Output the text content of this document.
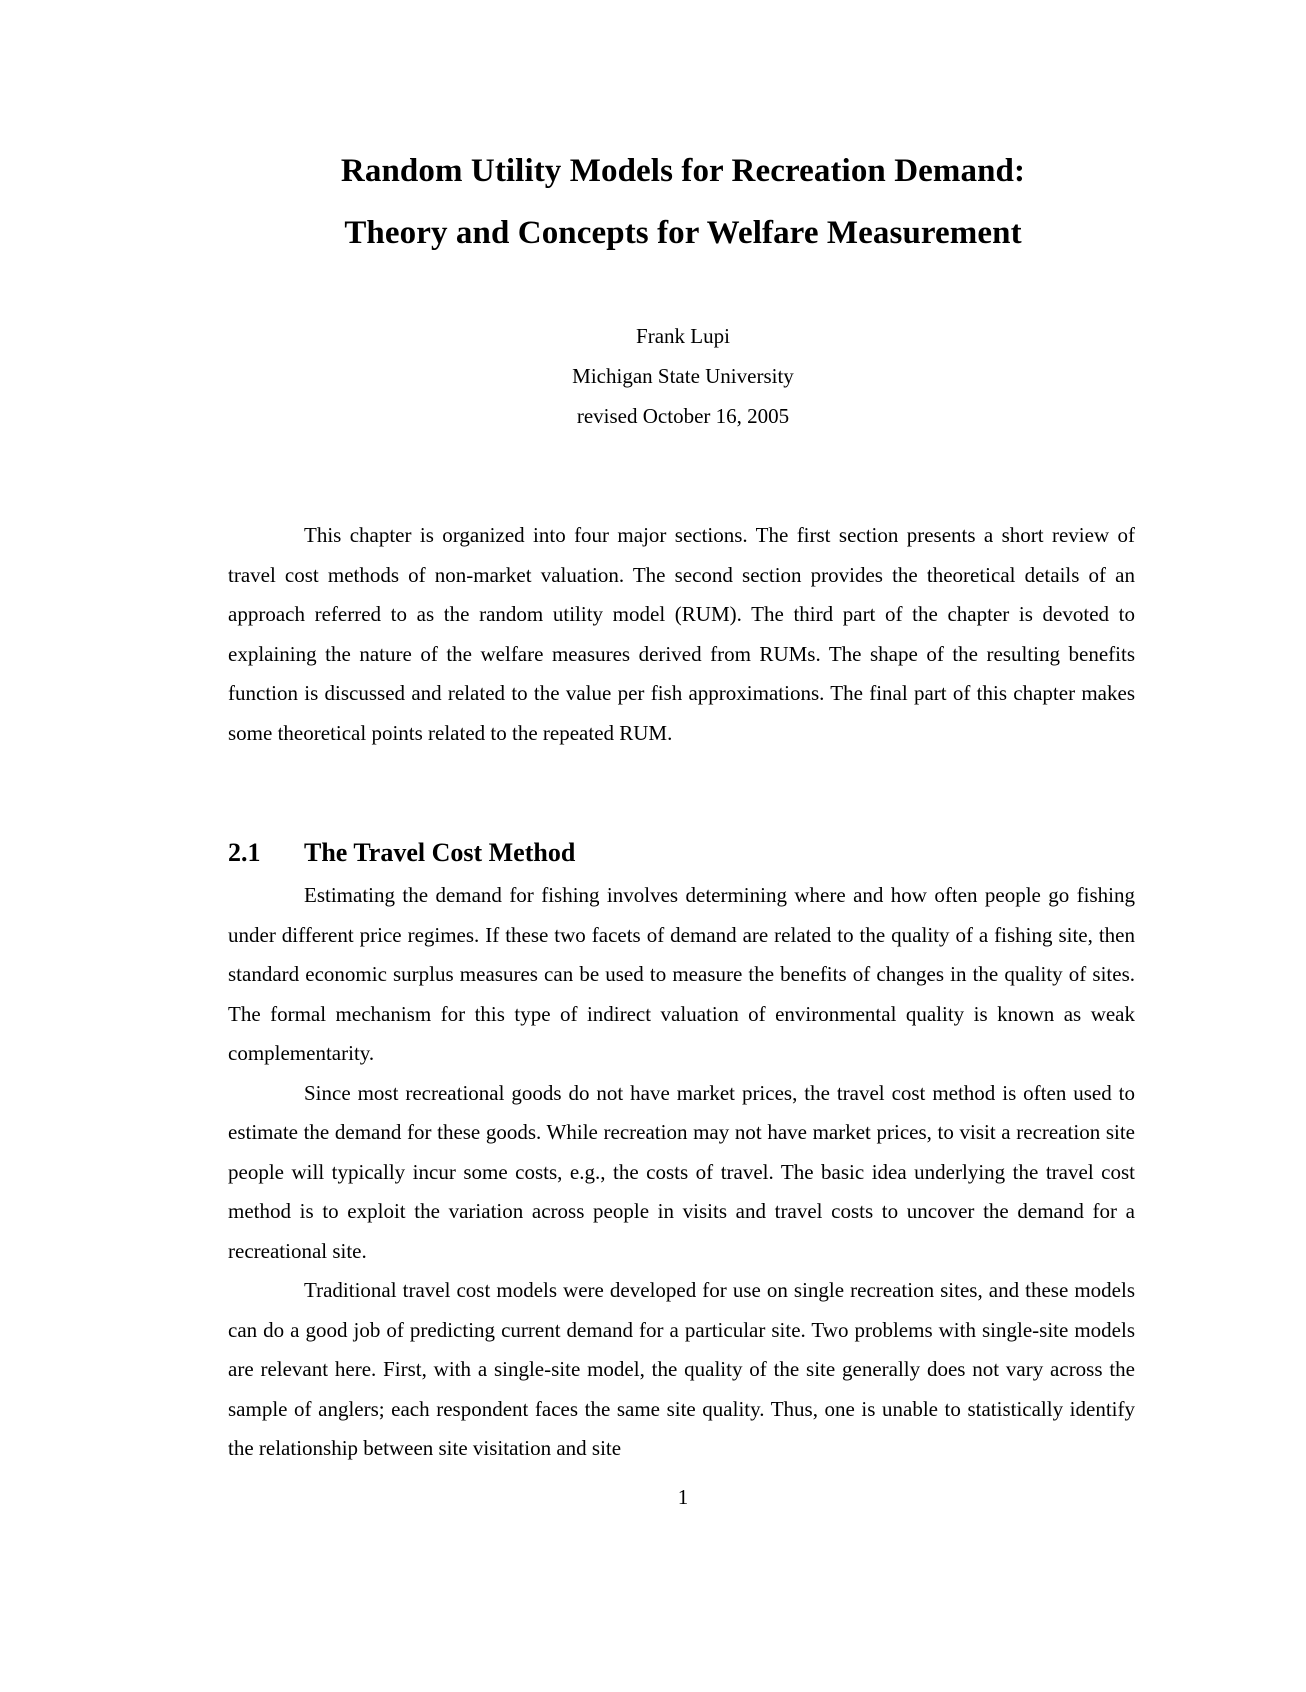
Random Utility Models for Recreation Demand:
Theory and Concepts for Welfare Measurement
Frank Lupi
Michigan State University
revised October 16, 2005

This chapter is organized into four major sections. The first section presents a short review of travel cost methods of non-market valuation. The second section provides the theoretical details of an approach referred to as the random utility model (RUM). The third part of the chapter is devoted to explaining the nature of the welfare measures derived from RUMs. The shape of the resulting benefits function is discussed and related to the value per fish approximations. The final part of this chapter makes some theoretical points related to the repeated RUM.

2.1 The Travel Cost Method

Estimating the demand for fishing involves determining where and how often people go fishing under different price regimes. If these two facets of demand are related to the quality of a fishing site, then standard economic surplus measures can be used to measure the benefits of changes in the quality of sites. The formal mechanism for this type of indirect valuation of environmental quality is known as weak complementarity.

Since most recreational goods do not have market prices, the travel cost method is often used to estimate the demand for these goods. While recreation may not have market prices, to visit a recreation site people will typically incur some costs, e.g., the costs of travel. The basic idea underlying the travel cost method is to exploit the variation across people in visits and travel costs to uncover the demand for a recreational site.

Traditional travel cost models were developed for use on single recreation sites, and these models can do a good job of predicting current demand for a particular site. Two problems with single-site models are relevant here. First, with a single-site model, the quality of the site generally does not vary across the sample of anglers; each respondent faces the same site quality. Thus, one is unable to statistically identify the relationship between site visitation and site

1
